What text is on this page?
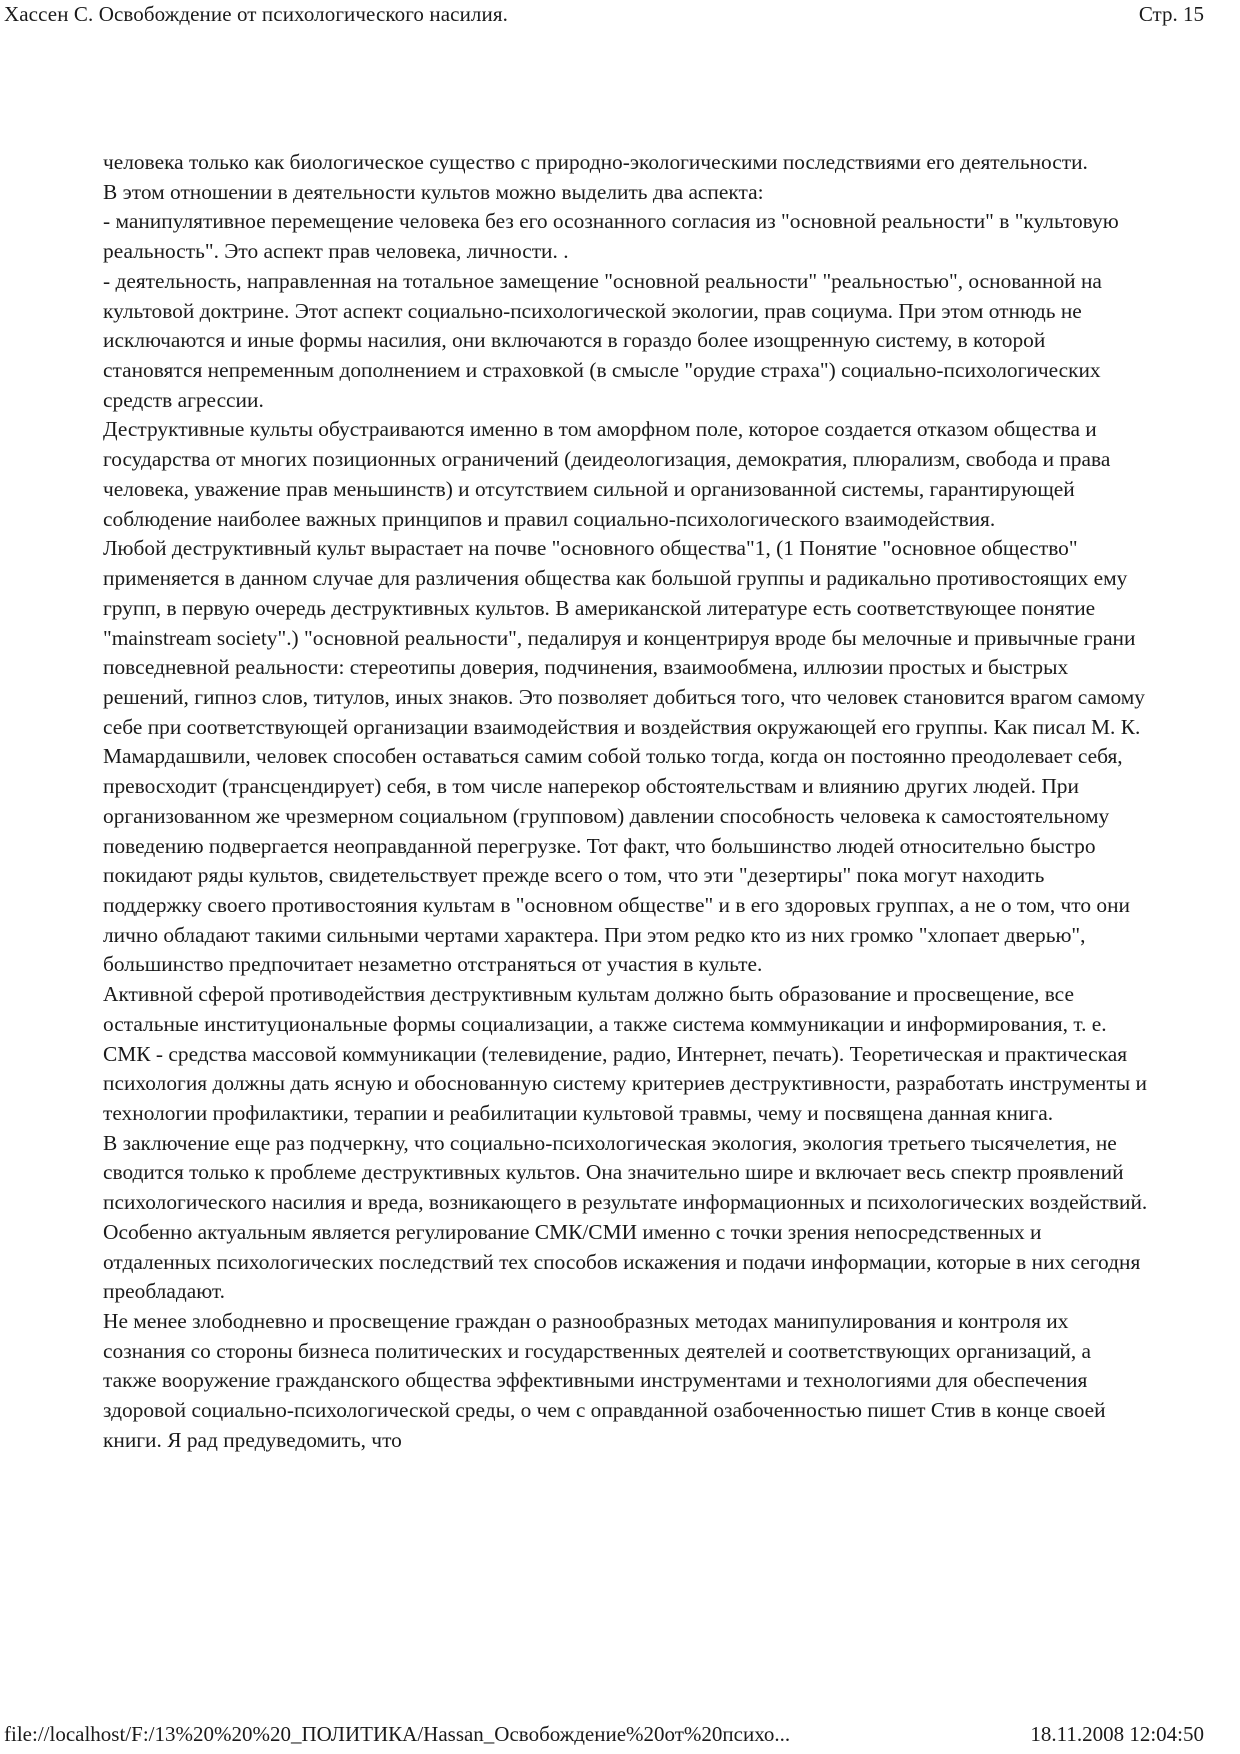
Хассен С. Освобождение от психологического насилия.	Стр. 15

человека только как биологическое существо с природно-экологическими последствиями его деятельности.

В этом отношении в деятельности культов можно выделить два аспекта:

- манипулятивное перемещение человека без его осознанного согласия из "основной реальности" в "культовую реальность". Это аспект прав человека, личности. .

- деятельность, направленная на тотальное замещение "основной реальности" "реальностью", основанной на культовой доктрине. Этот аспект социально-психологической экологии, прав социума. При этом отнюдь не исключаются и иные формы насилия, они включаются в гораздо более изощренную систему, в которой становятся непременным дополнением и страховкой (в смысле "орудие страха") социально-психологических средств агрессии.

Деструктивные культы обустраиваются именно в том аморфном поле, которое создается отказом общества и государства от многих позиционных ограничений (деидеологизация, демократия, плюрализм, свобода и права человека, уважение прав меньшинств) и отсутствием сильной и организованной системы, гарантирующей соблюдение наиболее важных принципов и правил социально-психологического взаимодействия.

Любой деструктивный культ вырастает на почве "основного общества"1, (1 Понятие "основное общество" применяется в данном случае для различения общества как большой группы и радикально противостоящих ему групп, в первую очередь деструктивных культов. В американской литературе есть соответствующее понятие "mainstream society".) "основной реальности", педалируя и концентрируя вроде бы мелочные и привычные грани повседневной реальности: стереотипы доверия, подчинения, взаимообмена, иллюзии простых и быстрых решений, гипноз слов, титулов, иных знаков. Это позволяет добиться того, что человек становится врагом самому себе при соответствующей организации взаимодействия и воздействия окружающей его группы. Как писал М. К. Мамардашвили, человек способен оставаться самим собой только тогда, когда он постоянно преодолевает себя, превосходит (трансцендирует) себя, в том числе наперекор обстоятельствам и влиянию других людей. При организованном же чрезмерном социальном (групповом) давлении способность человека к самостоятельному поведению подвергается неоправданной перегрузке. Тот факт, что большинство людей относительно быстро покидают ряды культов, свидетельствует прежде всего о том, что эти "дезертиры" пока могут находить поддержку своего противостояния культам в "основном обществе" и в его здоровых группах, а не о том, что они лично обладают такими сильными чертами характера. При этом редко кто из них громко "хлопает дверью", большинство предпочитает незаметно отстраняться от участия в культе.

Активной сферой противодействия деструктивным культам должно быть образование и просвещение, все остальные институциональные формы социализации, а также система коммуникации и информирования, т. е. СМК - средства массовой коммуникации (телевидение, радио, Интернет, печать). Теоретическая и практическая психология должны дать ясную и обоснованную систему критериев деструктивности, разработать инструменты и технологии профилактики, терапии и реабилитации культовой травмы, чему и посвящена данная книга.

В заключение еще раз подчеркну, что социально-психологическая экология, экология третьего тысячелетия, не сводится только к проблеме деструктивных культов. Она значительно шире и включает весь спектр проявлений психологического насилия и вреда, возникающего в результате информационных и психологических воздействий. Особенно актуальным является регулирование СМК/СМИ именно с точки зрения непосредственных и отдаленных психологических последствий тех способов искажения и подачи информации, которые в них сегодня преобладают.

Не менее злободневно и просвещение граждан о разнообразных методах манипулирования и контроля их сознания со стороны бизнеса политических и государственных деятелей и соответствующих организаций, а также вооружение гражданского общества эффективными инструментами и технологиями для обеспечения здоровой социально-психологической среды, о чем с оправданной озабоченностью пишет Стив в конце своей книги. Я рад предуведомить, что

file://localhost/F:/13%20%20%20_ПОЛИТИКА/Hassan_Освобождение%20от%20психо...	18.11.2008 12:04:50
